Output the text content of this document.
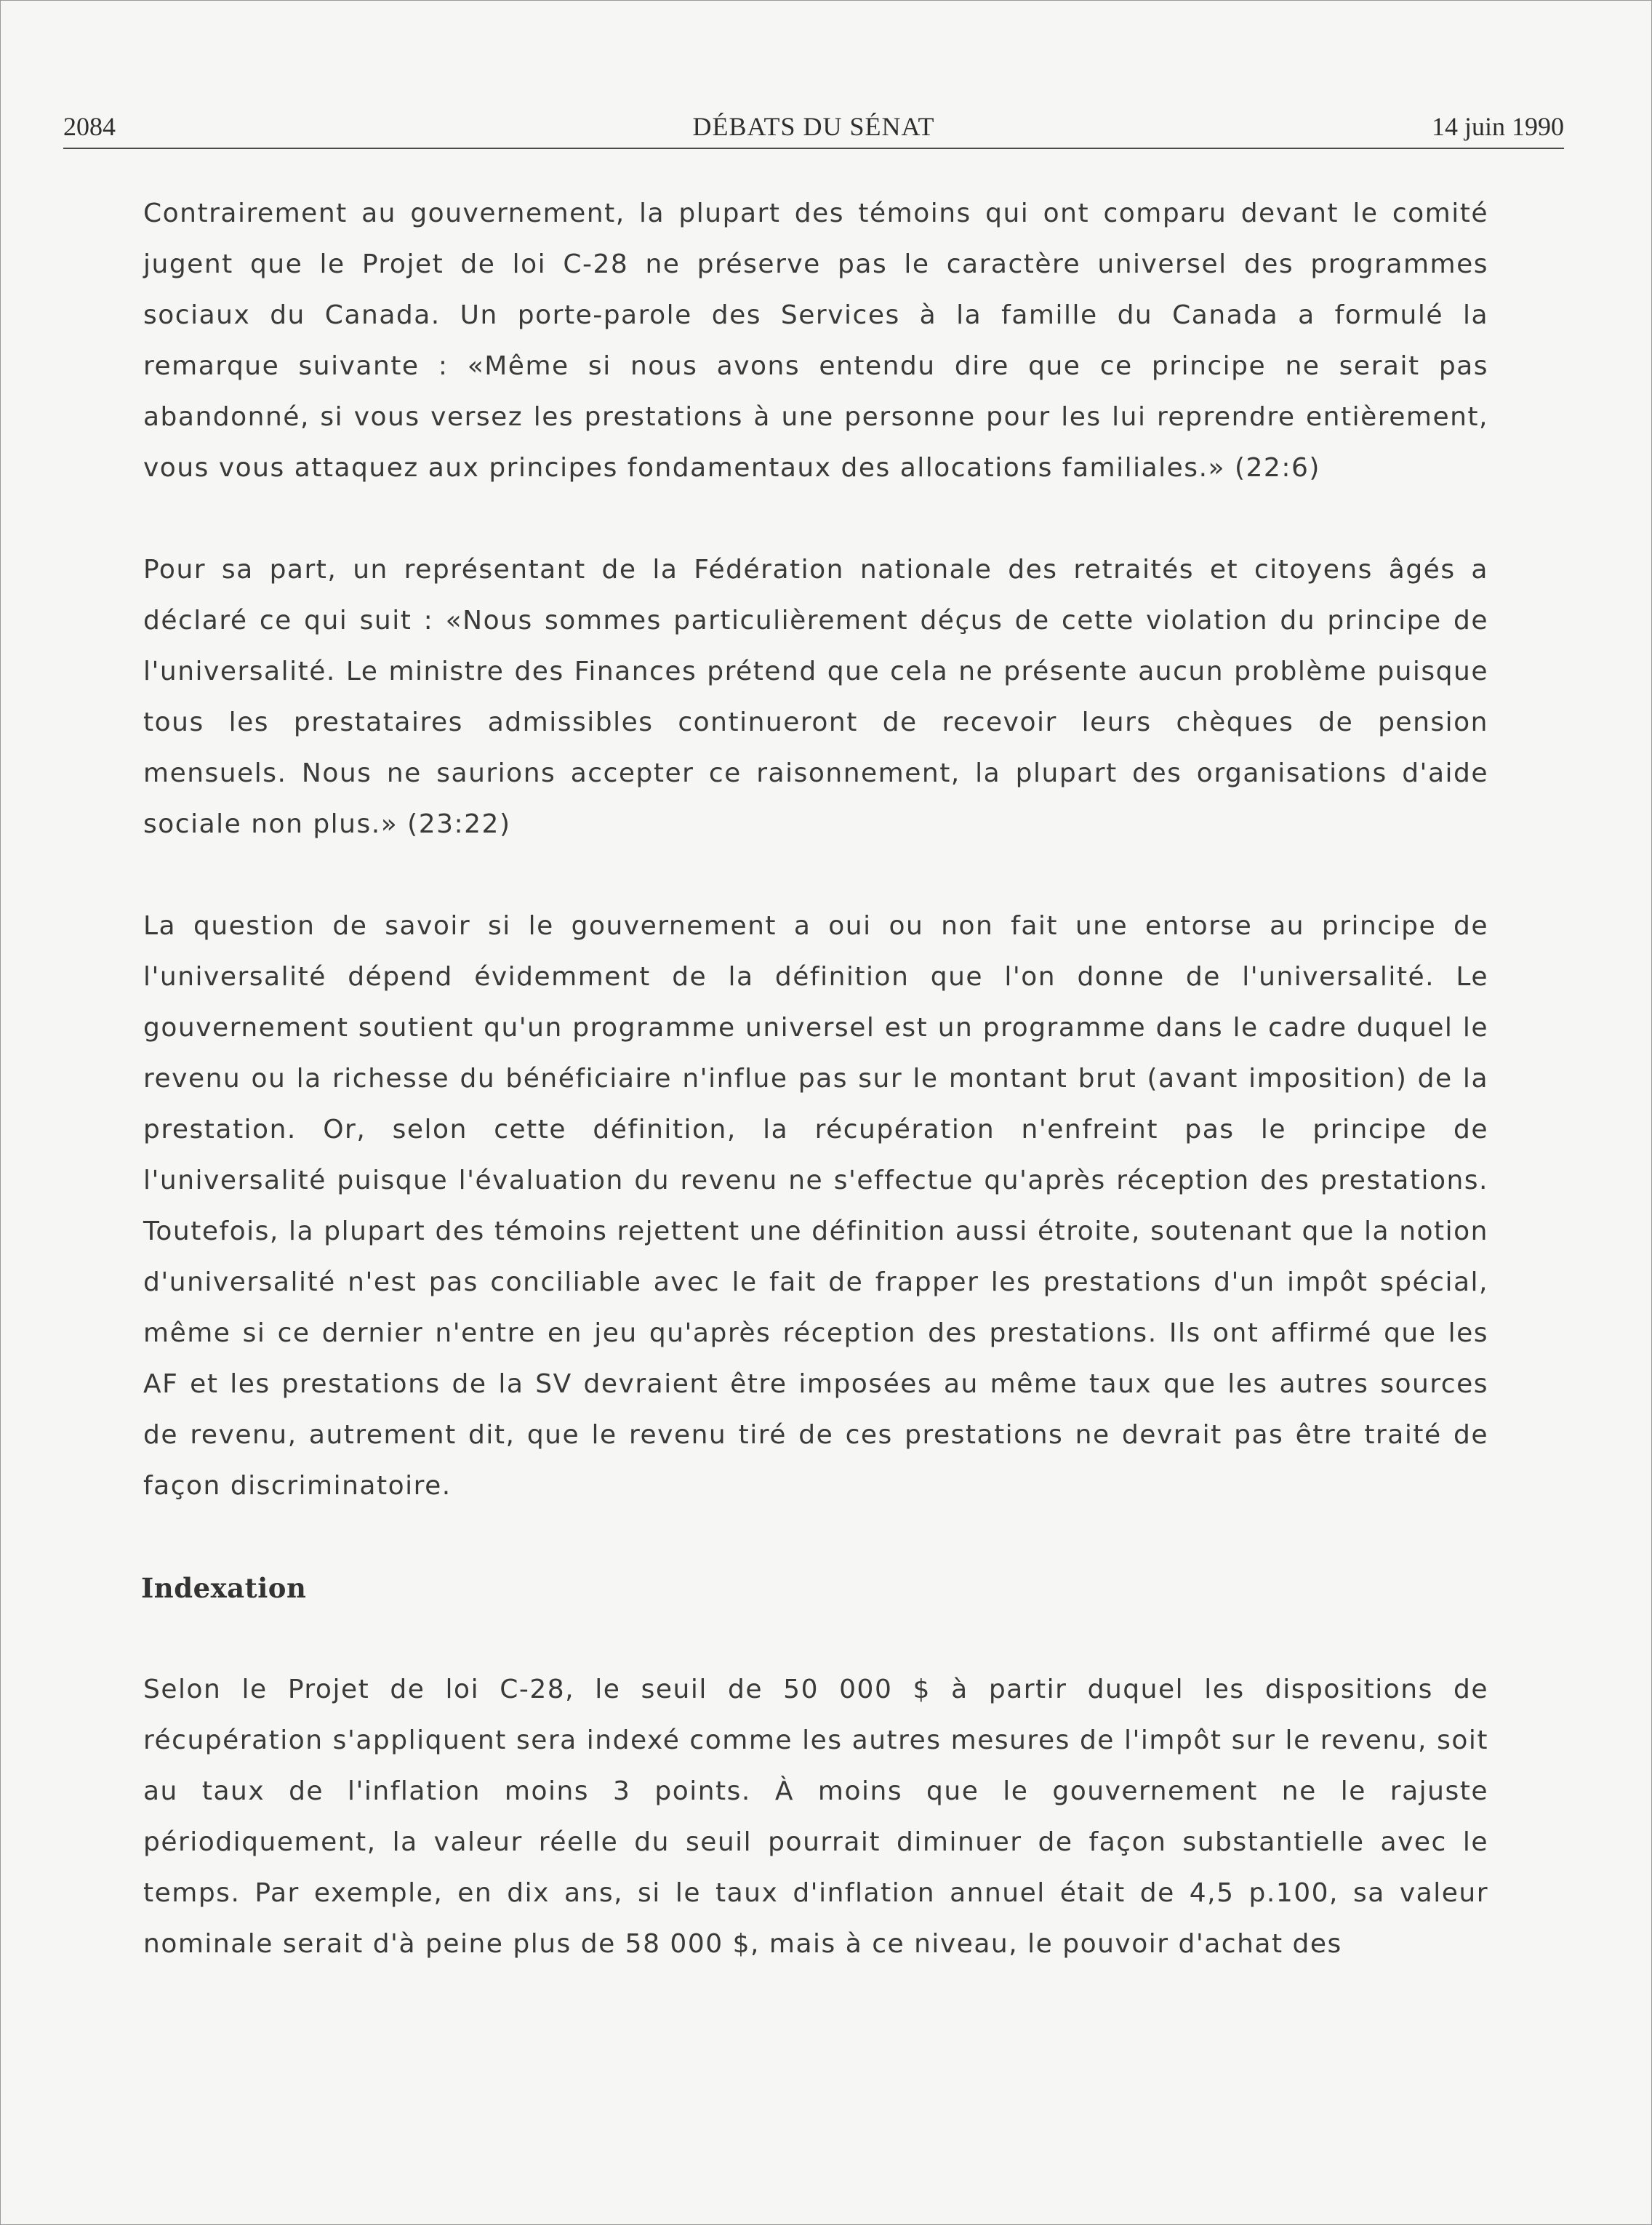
2084	DÉBATS DU SÉNAT	14 juin 1990

Contrairement au gouvernement, la plupart des témoins qui ont comparu devant le comité jugent que le Projet de loi C-28 ne préserve pas le caractère universel des programmes sociaux du Canada. Un porte-parole des Services à la famille du Canada a formulé la remarque suivante : «Même si nous avons entendu dire que ce principe ne serait pas abandonné, si vous versez les prestations à une personne pour les lui reprendre entièrement, vous vous attaquez aux principes fondamentaux des allocations familiales.» (22:6)

Pour sa part, un représentant de la Fédération nationale des retraités et citoyens âgés a déclaré ce qui suit : «Nous sommes particulièrement déçus de cette violation du principe de l'universalité. Le ministre des Finances prétend que cela ne présente aucun problème puisque tous les prestataires admissibles continueront de recevoir leurs chèques de pension mensuels. Nous ne saurions accepter ce raisonnement, la plupart des organisations d'aide sociale non plus.» (23:22)

La question de savoir si le gouvernement a oui ou non fait une entorse au principe de l'universalité dépend évidemment de la définition que l'on donne de l'universalité. Le gouvernement soutient qu'un programme universel est un programme dans le cadre duquel le revenu ou la richesse du bénéficiaire n'influe pas sur le montant brut (avant imposition) de la prestation. Or, selon cette définition, la récupération n'enfreint pas le principe de l'universalité puisque l'évaluation du revenu ne s'effectue qu'après réception des prestations. Toutefois, la plupart des témoins rejettent une définition aussi étroite, soutenant que la notion d'universalité n'est pas conciliable avec le fait de frapper les prestations d'un impôt spécial, même si ce dernier n'entre en jeu qu'après réception des prestations. Ils ont affirmé que les AF et les prestations de la SV devraient être imposées au même taux que les autres sources de revenu, autrement dit, que le revenu tiré de ces prestations ne devrait pas être traité de façon discriminatoire.

Indexation

Selon le Projet de loi C-28, le seuil de 50 000 $ à partir duquel les dispositions de récupération s'appliquent sera indexé comme les autres mesures de l'impôt sur le revenu, soit au taux de l'inflation moins 3 points. À moins que le gouvernement ne le rajuste périodiquement, la valeur réelle du seuil pourrait diminuer de façon substantielle avec le temps. Par exemple, en dix ans, si le taux d'inflation annuel était de 4,5 p.100, sa valeur nominale serait d'à peine plus de 58 000 $, mais à ce niveau, le pouvoir d'achat des
